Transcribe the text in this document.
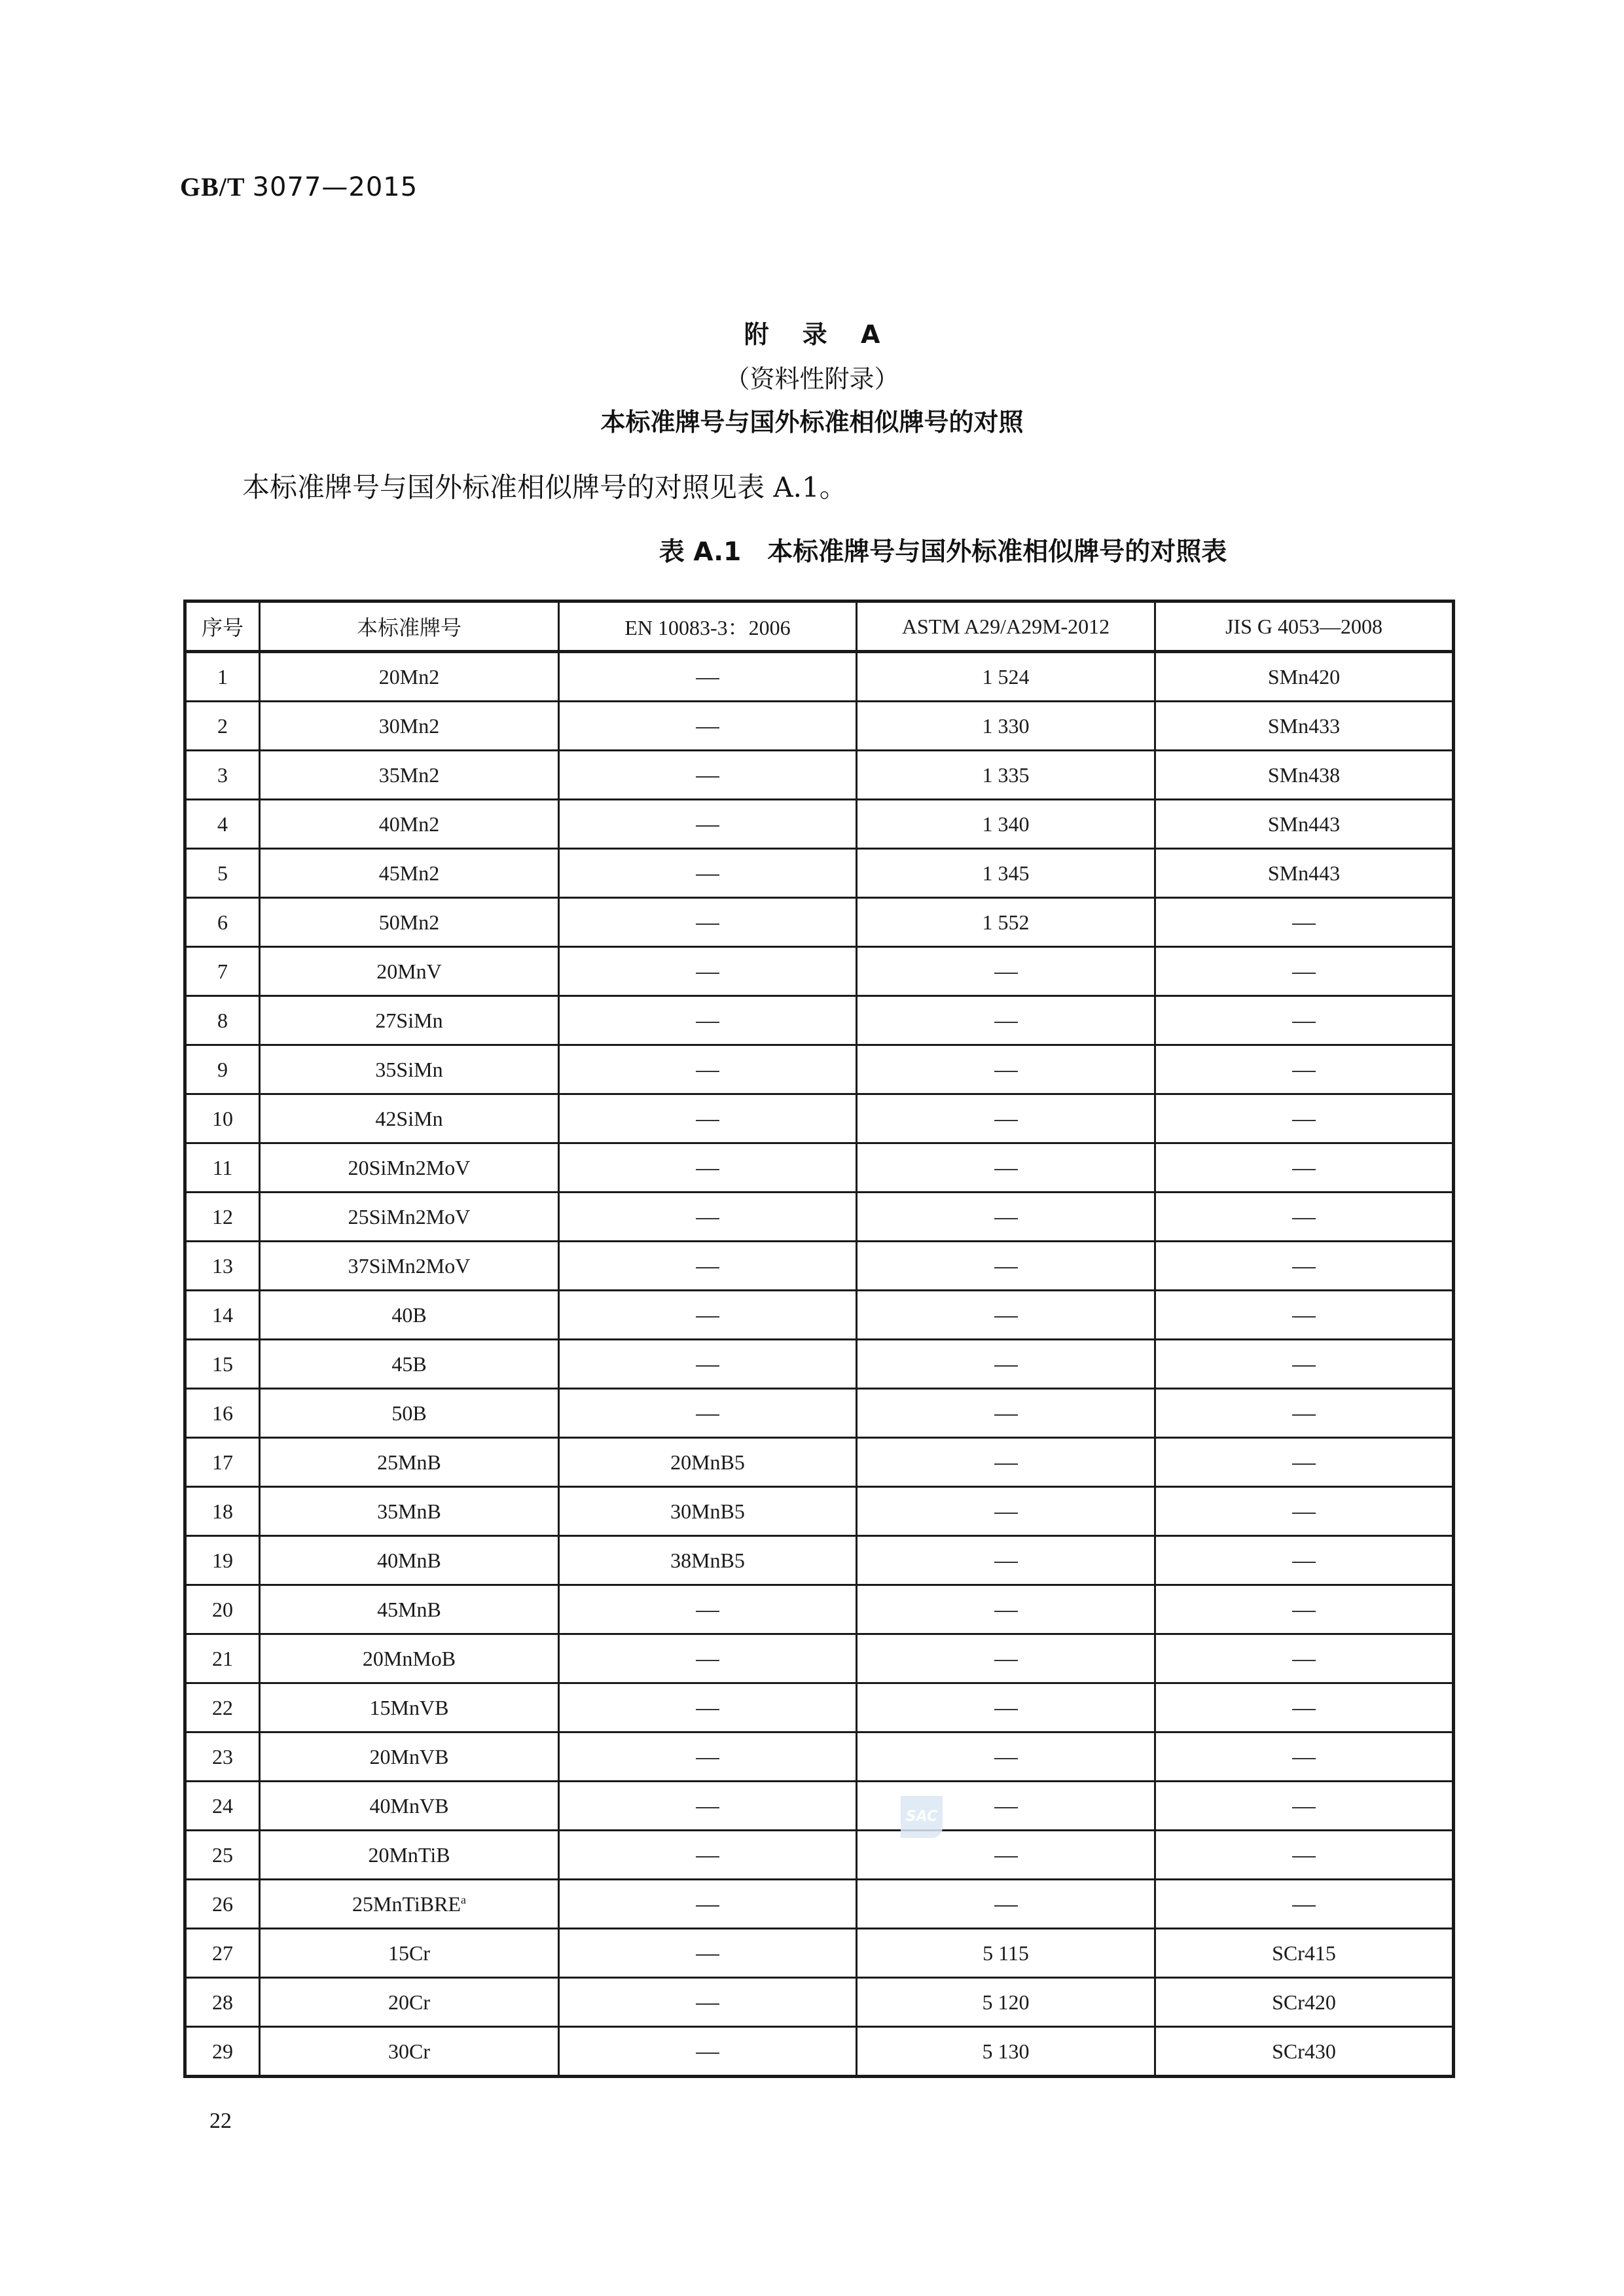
GB/T 3077—2015
附 录 A
（资料性附录）
本标准牌号与国外标准相似牌号的对照
本标准牌号与国外标准相似牌号的对照见表 A.1。
表 A.1 本标准牌号与国外标准相似牌号的对照表
序号	本标准牌号	EN 10083-3：2006	ASTM A29/A29M-2012	JIS G 4053—2008
1	20Mn2		1 524	SMn420
2	30Mn2		1 330	SMn433
3	35Mn2		1 335	SMn438
4	40Mn2		1 340	SMn443
5	45Mn2		1 345	SMn443
6	50Mn2		1 552	
7	20MnV			
8	27SiMn			
9	35SiMn			
10	42SiMn			
11	20SiMn2MoV			
12	25SiMn2MoV			
13	37SiMn2MoV			
14	40B			
15	45B			
16	50B			
17	25MnB	20MnB5		
18	35MnB	30MnB5		
19	40MnB	38MnB5		
20	45MnB			
21	20MnMoB			
22	15MnVB			
23	20MnVB			
24	40MnVB			
25	20MnTiB			
26	25MnTiBRE$^a$			
27	15Cr		5 115	SCr415
28	20Cr		5 120	SCr420
29	30Cr		5 130	SCr430
SAC
22
